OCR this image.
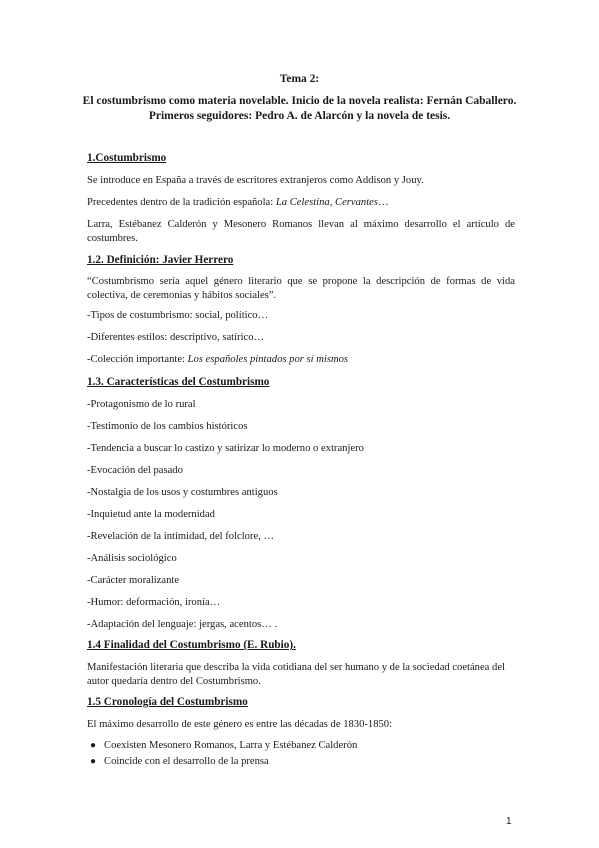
Tema 2:

El costumbrismo como materia novelable. Inicio de la novela realista: Fernán Caballero.
Primeros seguidores: Pedro A. de Alarcón y la novela de tesis.

1.Costumbrismo

Se introduce en España a través de escritores extranjeros como Addison y Jouy.

Precedentes dentro de la tradición española: La Celestina, Cervantes…

Larra, Estébanez Calderón y Mesonero Romanos llevan al máximo desarrollo el artículo de costumbres.

1.2. Definición: Javier Herrero

“Costumbrismo sería aquel género literario que se propone la descripción de formas de vida colectiva, de ceremonias y hábitos sociales”.

-Tipos de costumbrismo: social, político…

-Diferentes estilos: descriptivo, satírico…

-Colección importante: Los españoles pintados por sí mismos

1.3. Características del Costumbrismo

-Protagonismo de lo rural

-Testimonio de los cambios históricos

-Tendencia a buscar lo castizo y satirizar lo moderno o extranjero

-Evocación del pasado

-Nostalgia de los usos y costumbres antiguos

-Inquietud ante la modernidad

-Revelación de la intimidad, del folclore, …

-Análisis sociológico

-Carácter moralizante

-Humor: deformación, ironía…

-Adaptación del lenguaje: jergas, acentos… .

1.4 Finalidad del Costumbrismo (E. Rubio).

Manifestación literaria que describa la vida cotidiana del ser humano y de la sociedad coetánea del autor quedaría dentro del Costumbrismo.

1.5 Cronología del Costumbrismo

El máximo desarrollo de este género es entre las décadas de 1830-1850:

● Coexisten Mesonero Romanos, Larra y Estébanez Calderón

● Coincide con el desarrollo de la prensa

1
